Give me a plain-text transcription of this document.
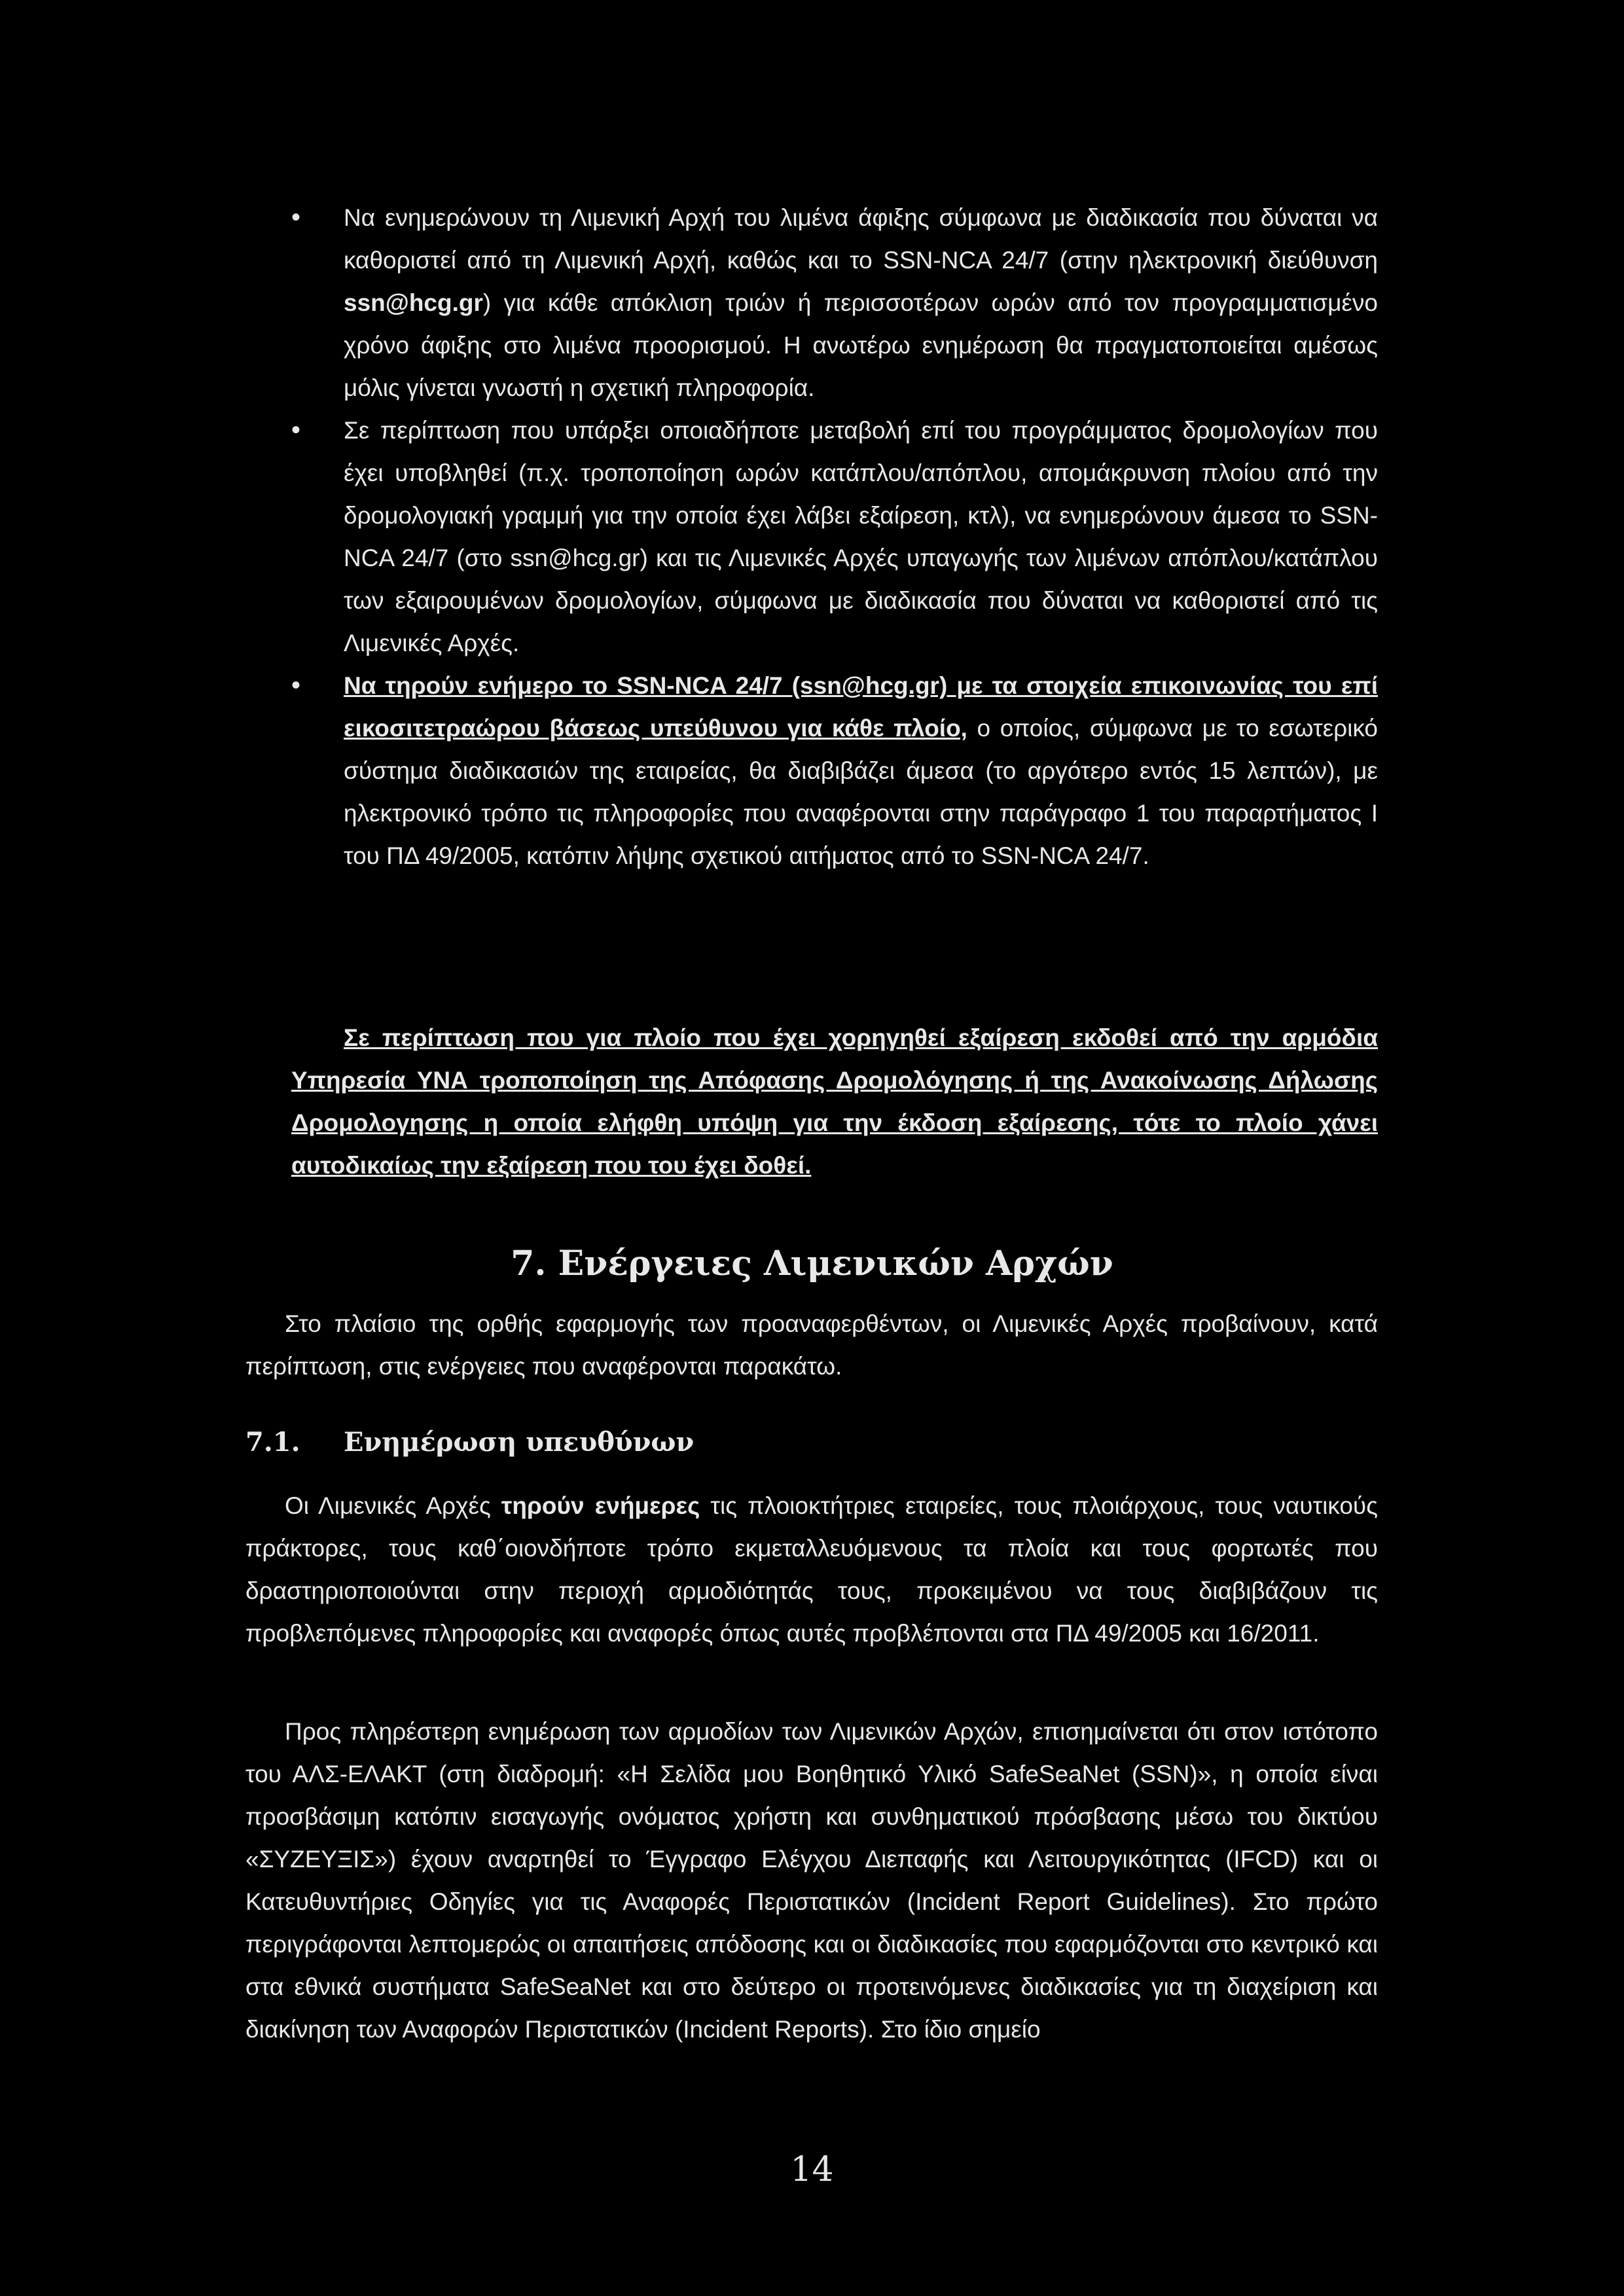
• Να ενημερώνουν τη Λιμενική Αρχή του λιμένα άφιξης σύμφωνα με διαδικασία που δύναται να καθοριστεί από τη Λιμενική Αρχή, καθώς και το SSN-NCA 24/7 (στην ηλεκτρονική διεύθυνση ssn@hcg.gr) για κάθε απόκλιση τριών ή περισσοτέρων ωρών από τον προγραμματισμένο χρόνο άφιξης στο λιμένα προορισμού. Η ανωτέρω ενημέρωση θα πραγματοποιείται αμέσως μόλις γίνεται γνωστή η σχετική πληροφορία.
• Σε περίπτωση που υπάρξει οποιαδήποτε μεταβολή επί του προγράμματος δρομολογίων που έχει υποβληθεί (π.χ. τροποποίηση ωρών κατάπλου/απόπλου, απομάκρυνση πλοίου από την δρομολογιακή γραμμή για την οποία έχει λάβει εξαίρεση, κτλ), να ενημερώνουν άμεσα το SSN-NCA 24/7 (στο ssn@hcg.gr) και τις Λιμενικές Αρχές υπαγωγής των λιμένων απόπλου/κατάπλου των εξαιρουμένων δρομολογίων, σύμφωνα με διαδικασία που δύναται να καθοριστεί από τις Λιμενικές Αρχές.
• Να τηρούν ενήμερο το SSN-NCA 24/7 (ssn@hcg.gr) με τα στοιχεία επικοινωνίας του επί εικοσιτετραώρου βάσεως υπεύθυνου για κάθε πλοίο, ο οποίος, σύμφωνα με το εσωτερικό σύστημα διαδικασιών της εταιρείας, θα διαβιβάζει άμεσα (το αργότερο εντός 15 λεπτών), με ηλεκτρονικό τρόπο τις πληροφορίες που αναφέρονται στην παράγραφο 1 του παραρτήματος Ι του ΠΔ 49/2005, κατόπιν λήψης σχετικού αιτήματος από το SSN-NCA 24/7.

Σε περίπτωση που για πλοίο που έχει χορηγηθεί εξαίρεση εκδοθεί από την αρμόδια Υπηρεσία ΥΝΑ τροποποίηση της Απόφασης Δρομολόγησης ή της Ανακοίνωσης Δήλωσης Δρομολογησης η οποία ελήφθη υπόψη για την έκδοση εξαίρεσης, τότε το πλοίο χάνει αυτοδικαίως την εξαίρεση που του έχει δοθεί.

7. Ενέργειες Λιμενικών Αρχών

Στο πλαίσιο της ορθής εφαρμογής των προαναφερθέντων, οι Λιμενικές Αρχές προβαίνουν, κατά περίπτωση, στις ενέργειες που αναφέρονται παρακάτω.

7.1. Ενημέρωση υπευθύνων

Οι Λιμενικές Αρχές τηρούν ενήμερες τις πλοιοκτήτριες εταιρείες, τους πλοιάρχους, τους ναυτικούς πράκτορες, τους καθ΄οιονδήποτε τρόπο εκμεταλλευόμενους τα πλοία και τους φορτωτές που δραστηριοποιούνται στην περιοχή αρμοδιότητάς τους, προκειμένου να τους διαβιβάζουν τις προβλεπόμενες πληροφορίες και αναφορές όπως αυτές προβλέπονται στα ΠΔ 49/2005 και 16/2011.

Προς πληρέστερη ενημέρωση των αρμοδίων των Λιμενικών Αρχών, επισημαίνεται ότι στον ιστότοπο του ΑΛΣ-ΕΛΑΚΤ (στη διαδρομή: «Η Σελίδα μου Βοηθητικό Υλικό SafeSeaNet (SSN)», η οποία είναι προσβάσιμη κατόπιν εισαγωγής ονόματος χρήστη και συνθηματικού πρόσβασης μέσω του δικτύου «ΣΥΖΕΥΞΙΣ») έχουν αναρτηθεί το Έγγραφο Ελέγχου Διεπαφής και Λειτουργικότητας (IFCD) και οι Κατευθυντήριες Οδηγίες για τις Αναφορές Περιστατικών (Incident Report Guidelines). Στο πρώτο περιγράφονται λεπτομερώς οι απαιτήσεις απόδοσης και οι διαδικασίες που εφαρμόζονται στο κεντρικό και στα εθνικά συστήματα SafeSeaNet και στο δεύτερο οι προτεινόμενες διαδικασίες για τη διαχείριση και διακίνηση των Αναφορών Περιστατικών (Incident Reports). Στο ίδιο σημείο

14
